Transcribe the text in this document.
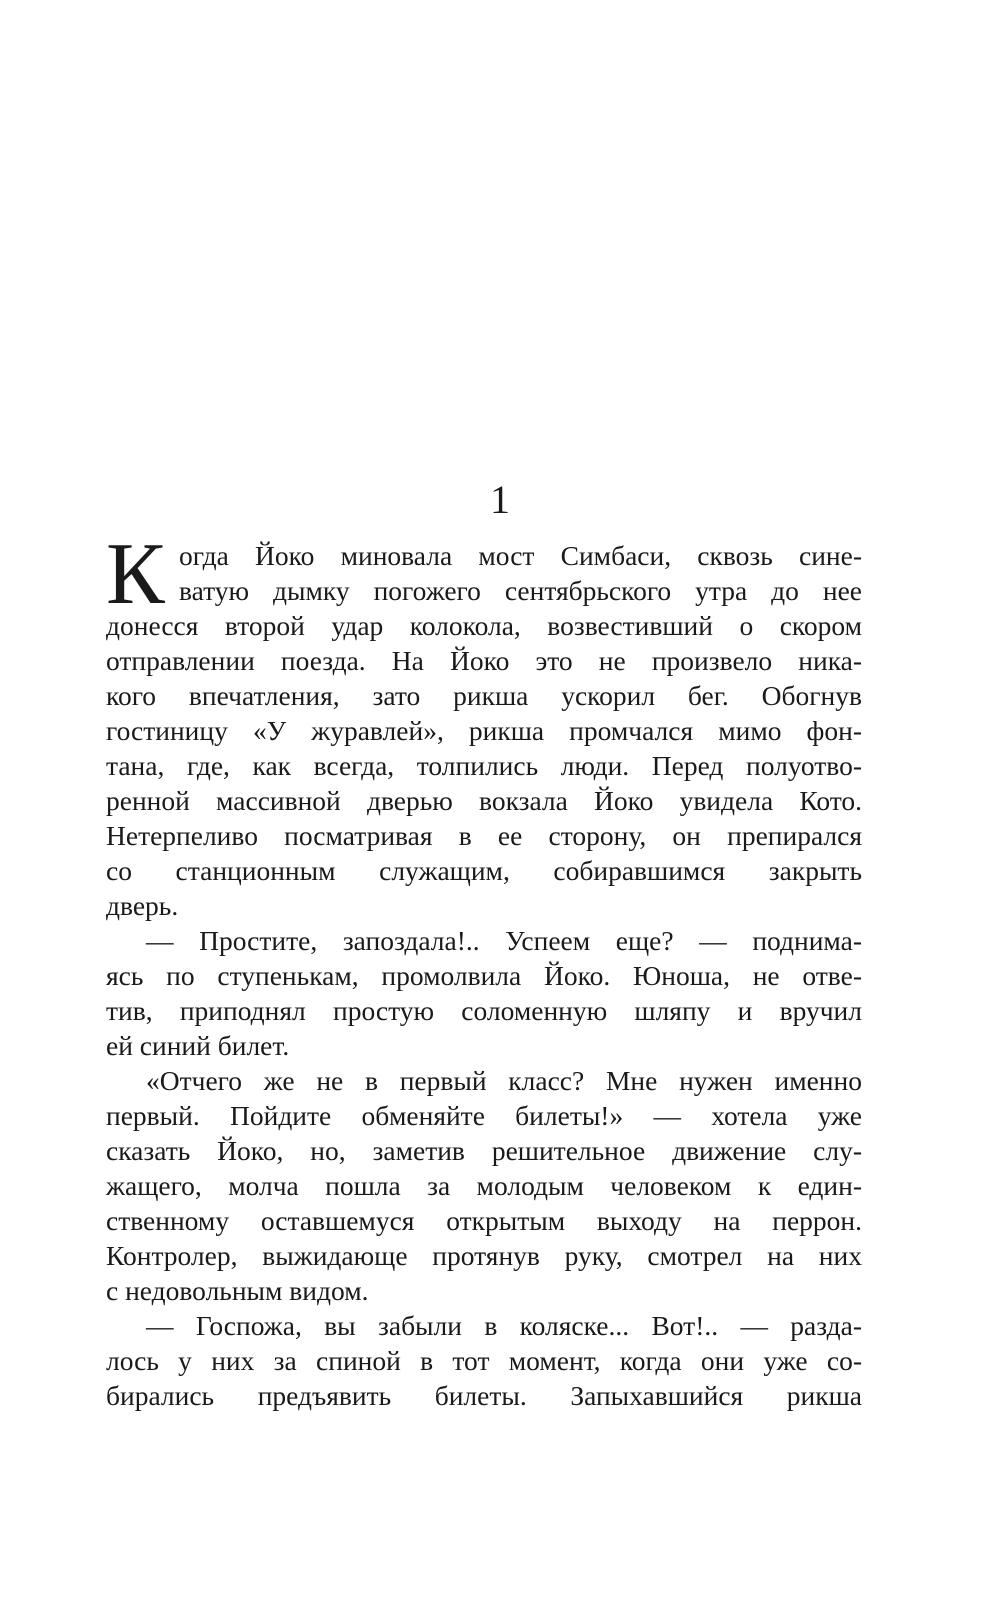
1
К огда Йоко миновала мост Симбаси, сквозь сине-
ватую дымку погожего сентябрьского утра до нее
донесся второй удар колокола, возвестивший о скором
отправлении поезда. На Йоко это не произвело ника-
кого впечатления, зато рикша ускорил бег. Обогнув
гостиницу «У журавлей», рикша промчался мимо фон-
тана, где, как всегда, толпились люди. Перед полуотво-
ренной массивной дверью вокзала Йоко увидела Кото.
Нетерпеливо посматривая в ее сторону, он препирался
со станционным служащим, собиравшимся закрыть
дверь.
— Простите, запоздала!.. Успеем еще? — поднима-
ясь по ступенькам, промолвила Йоко. Юноша, не отве-
тив, приподнял простую соломенную шляпу и вручил
ей синий билет.
«Отчего же не в первый класс? Мне нужен именно
первый. Пойдите обменяйте билеты!» — хотела уже
сказать Йоко, но, заметив решительное движение слу-
жащего, молча пошла за молодым человеком к един-
ственному оставшемуся открытым выходу на перрон.
Контролер, выжидающе протянув руку, смотрел на них
с недовольным видом.
— Госпожа, вы забыли в коляске... Вот!.. — разда-
лось у них за спиной в тот момент, когда они уже со-
бирались предъявить билеты. Запыхавшийся рикша
